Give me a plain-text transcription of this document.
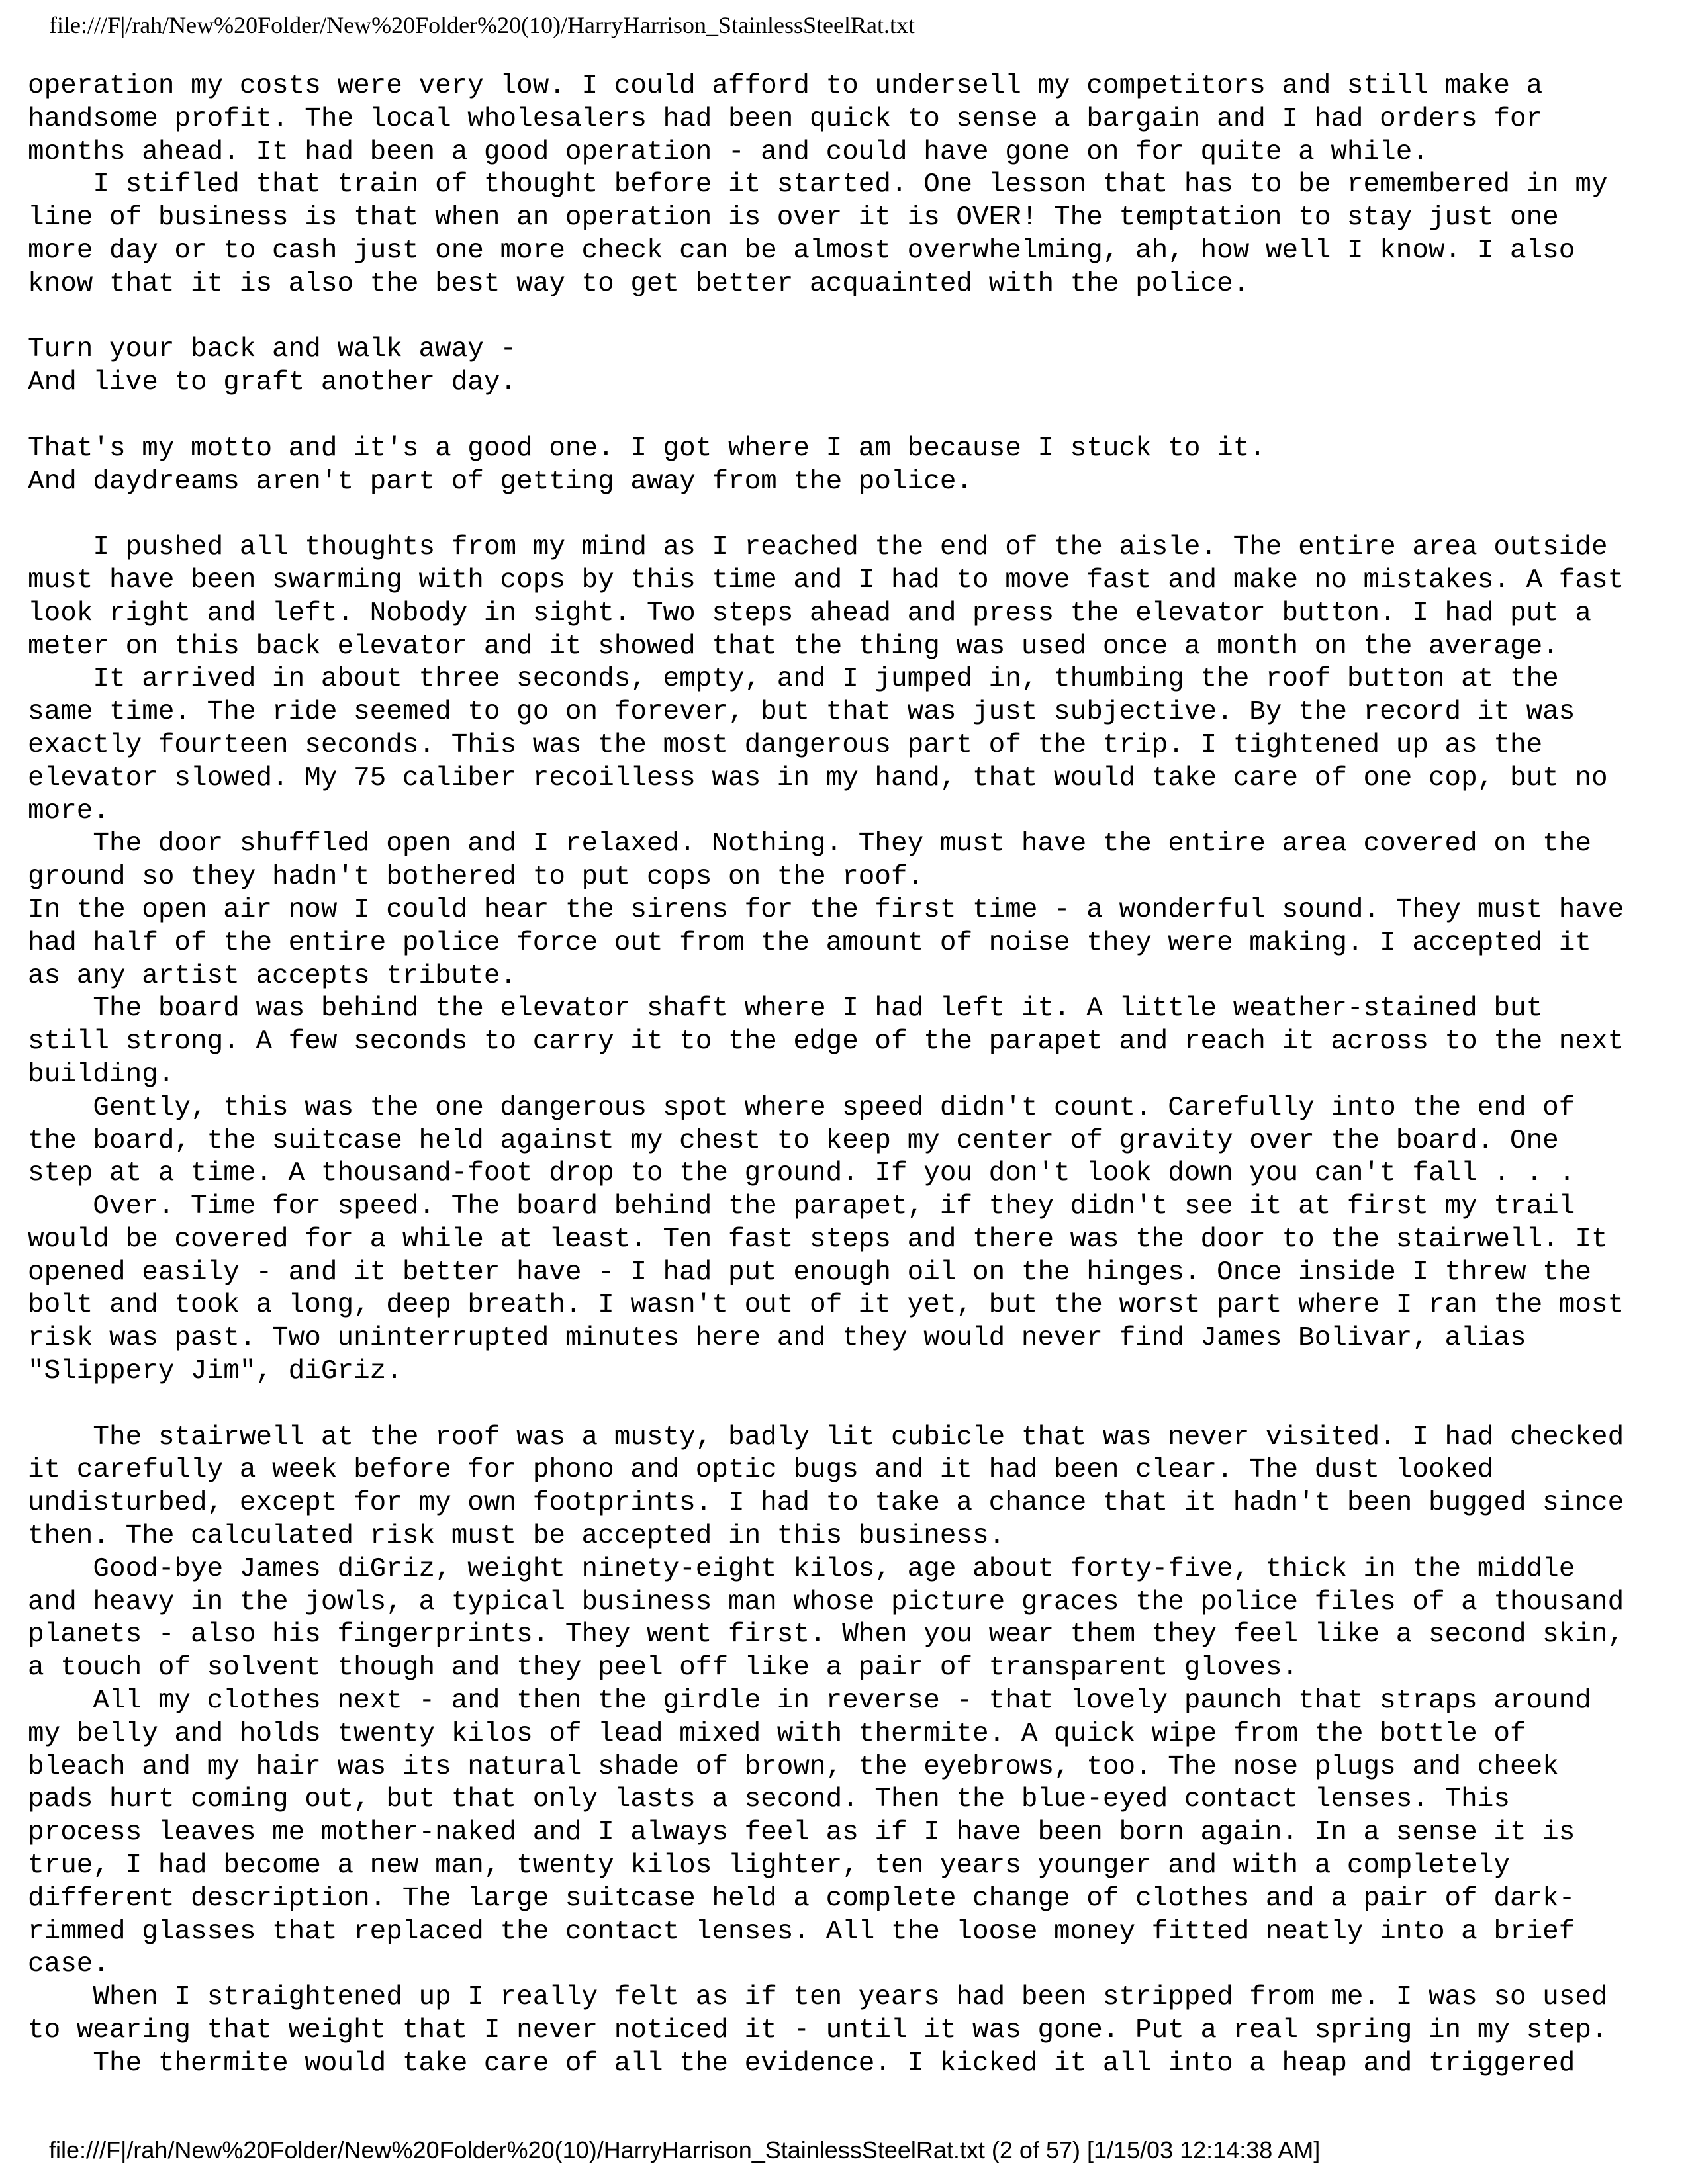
file:///F|/rah/New%20Folder/New%20Folder%20(10)/HarryHarrison_StainlessSteelRat.txt
operation my costs were very low. I could afford to undersell my competitors and still make a
handsome profit. The local wholesalers had been quick to sense a bargain and I had orders for
months ahead. It had been a good operation - and could have gone on for quite a while.
I stifled that train of thought before it started. One lesson that has to be remembered in my
line of business is that when an operation is over it is OVER! The temptation to stay just one
more day or to cash just one more check can be almost overwhelming, ah, how well I know. I also
know that it is also the best way to get better acquainted with the police.
Turn your back and walk away -
And live to graft another day.
That's my motto and it's a good one. I got where I am because I stuck to it.
And daydreams aren't part of getting away from the police.
I pushed all thoughts from my mind as I reached the end of the aisle. The entire area outside
must have been swarming with cops by this time and I had to move fast and make no mistakes. A fast
look right and left. Nobody in sight. Two steps ahead and press the elevator button. I had put a
meter on this back elevator and it showed that the thing was used once a month on the average.
It arrived in about three seconds, empty, and I jumped in, thumbing the roof button at the
same time. The ride seemed to go on forever, but that was just subjective. By the record it was
exactly fourteen seconds. This was the most dangerous part of the trip. I tightened up as the
elevator slowed. My 75 caliber recoilless was in my hand, that would take care of one cop, but no
more.
The door shuffled open and I relaxed. Nothing. They must have the entire area covered on the
ground so they hadn't bothered to put cops on the roof.
In the open air now I could hear the sirens for the first time - a wonderful sound. They must have
had half of the entire police force out from the amount of noise they were making. I accepted it
as any artist accepts tribute.
The board was behind the elevator shaft where I had left it. A little weather-stained but
still strong. A few seconds to carry it to the edge of the parapet and reach it across to the next
building.
Gently, this was the one dangerous spot where speed didn't count. Carefully into the end of
the board, the suitcase held against my chest to keep my center of gravity over the board. One
step at a time. A thousand-foot drop to the ground. If you don't look down you can't fall . . .
Over. Time for speed. The board behind the parapet, if they didn't see it at first my trail
would be covered for a while at least. Ten fast steps and there was the door to the stairwell. It
opened easily - and it better have - I had put enough oil on the hinges. Once inside I threw the
bolt and took a long, deep breath. I wasn't out of it yet, but the worst part where I ran the most
risk was past. Two uninterrupted minutes here and they would never find James Bolivar, alias
"Slippery Jim", diGriz.
The stairwell at the roof was a musty, badly lit cubicle that was never visited. I had checked
it carefully a week before for phono and optic bugs and it had been clear. The dust looked
undisturbed, except for my own footprints. I had to take a chance that it hadn't been bugged since
then. The calculated risk must be accepted in this business.
Good-bye James diGriz, weight ninety-eight kilos, age about forty-five, thick in the middle
and heavy in the jowls, a typical business man whose picture graces the police files of a thousand
planets - also his fingerprints. They went first. When you wear them they feel like a second skin,
a touch of solvent though and they peel off like a pair of transparent gloves.
All my clothes next - and then the girdle in reverse - that lovely paunch that straps around
my belly and holds twenty kilos of lead mixed with thermite. A quick wipe from the bottle of
bleach and my hair was its natural shade of brown, the eyebrows, too. The nose plugs and cheek
pads hurt coming out, but that only lasts a second. Then the blue-eyed contact lenses. This
process leaves me mother-naked and I always feel as if I have been born again. In a sense it is
true, I had become a new man, twenty kilos lighter, ten years younger and with a completely
different description. The large suitcase held a complete change of clothes and a pair of dark-
rimmed glasses that replaced the contact lenses. All the loose money fitted neatly into a brief
case.
When I straightened up I really felt as if ten years had been stripped from me. I was so used
to wearing that weight that I never noticed it - until it was gone. Put a real spring in my step.
The thermite would take care of all the evidence. I kicked it all into a heap and triggered
file:///F|/rah/New%20Folder/New%20Folder%20(10)/HarryHarrison_StainlessSteelRat.txt (2 of 57) [1/15/03 12:14:38 AM]
